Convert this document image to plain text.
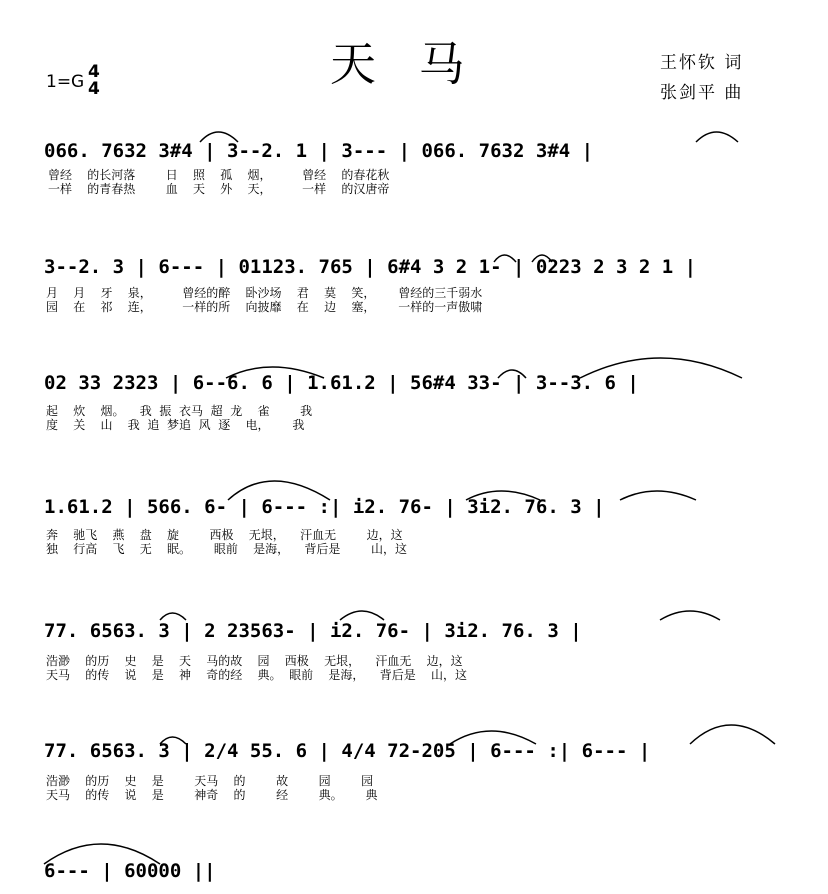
天 马	王怀钦 词
张剑平 曲
1=G 4
4
066. 7632 3#4 | 3--2. 1 | 3--- | 066. 7632 3#4 |
曾经    的长河落        日    照    孤    烟，        曾经    的春花秋
一样    的青春热        血    天    外    天，        一样    的汉唐帝
3--2. 3 | 6--- | 01123. 765 | 6#4 3 2 1- | 0223 2 3 2 1 |
月    月    牙    泉，        曾经的醉    卧沙场    君    莫    笑，      曾经的三千弱水
园    在    祁    连，        一样的所    向披靡    在    边    塞，      一样的一声傲啸
02 33 2323 | 6--6. 6 | 1.61.2 | 56#4 33- | 3--3. 6 |
起    炊    烟。    我  振  衣马  超  龙    雀        我
度    关    山    我  追  梦追  风  逐    电，      我
1.61.2 | 566. 6- | 6--- :| i2. 76- | 3i2. 76. 3 |
奔    驰飞    燕    盘    旋        西极    无垠，    汗血无        边，这
独    行高    飞    无    眠。      眼前    是海，    背后是        山，这
77. 6563. 3 | 2 23563- | i2. 76- | 3i2. 76. 3 |
浩渺    的历    史    是    天    马的故    园    西极    无垠，    汗血无    边，这
天马    的传    说    是    神    奇的经    典。  眼前    是海，    背后是    山，这
77. 6563. 3 | 2/4 55. 6 | 4/4 72-205 | 6--- :| 6--- |
浩渺    的历    史    是        天马    的        故        园        园
天马    的传    说    是        神奇    的        经        典。      典
6--- | 60000 ||
